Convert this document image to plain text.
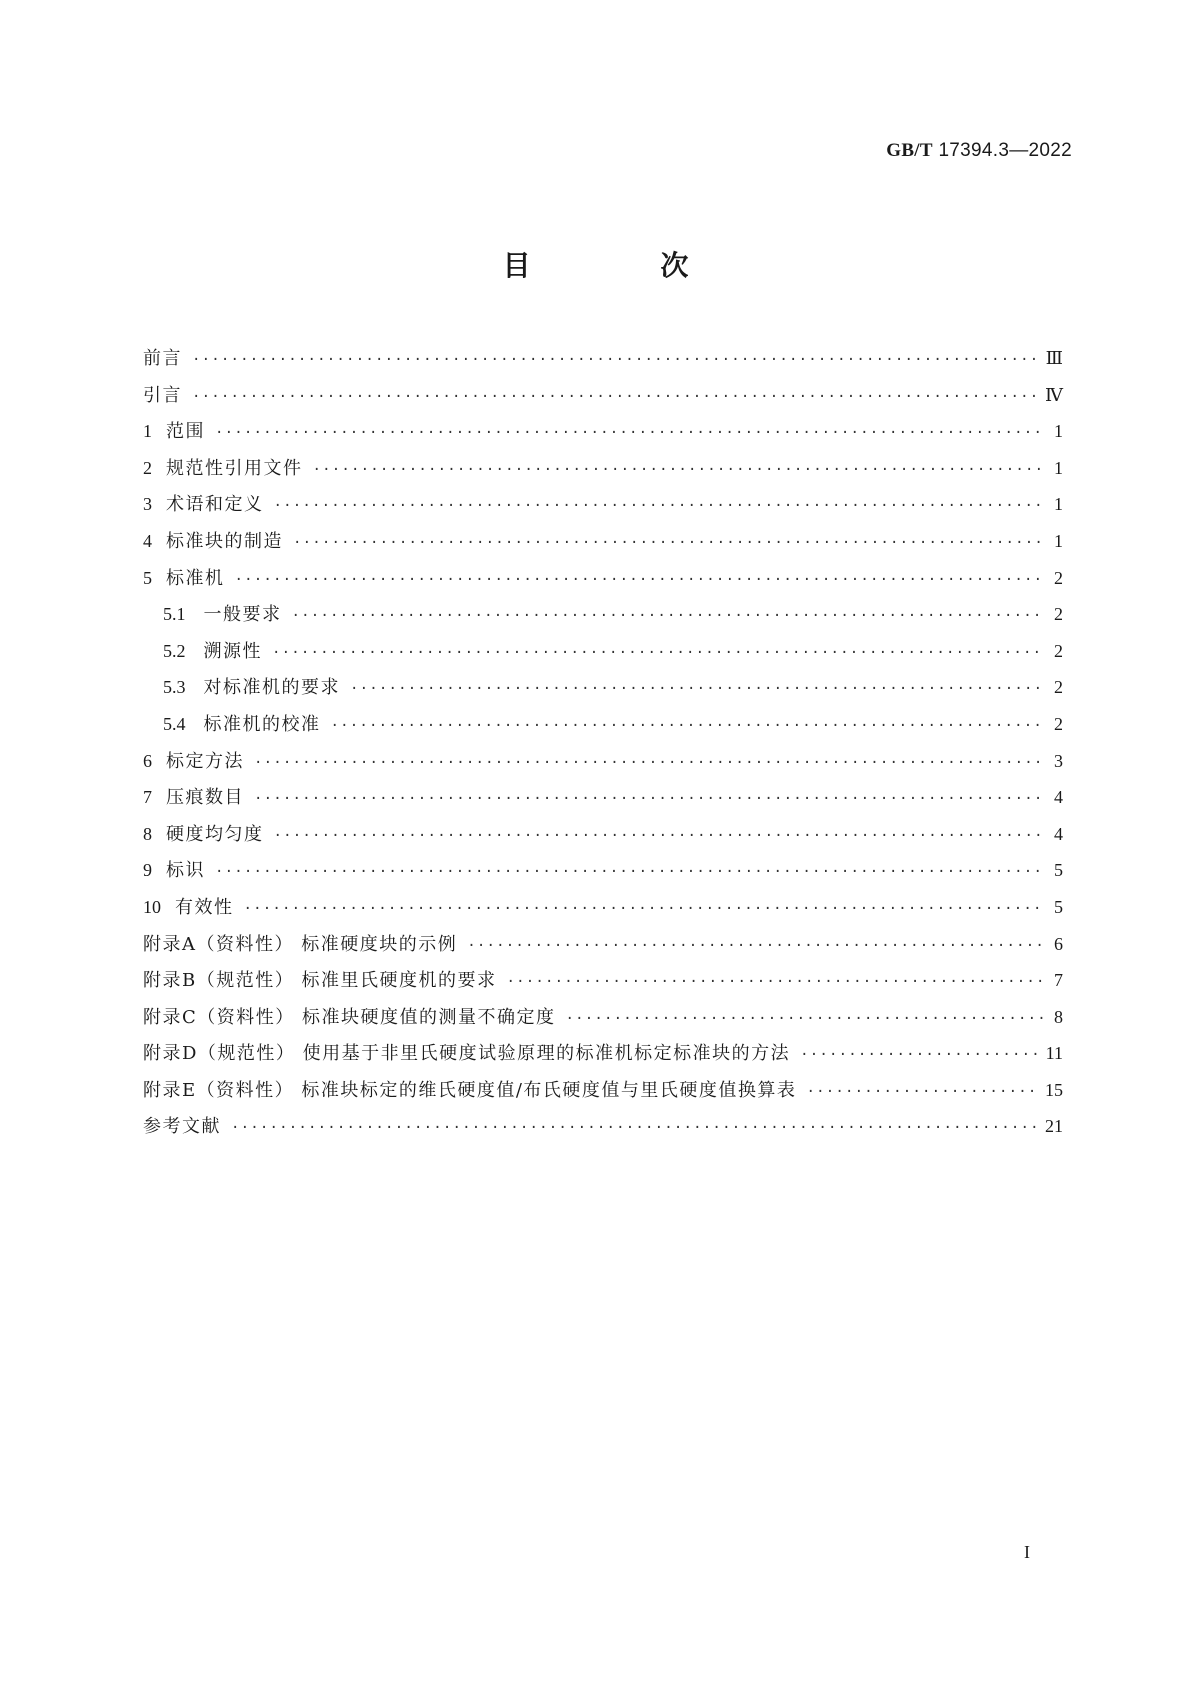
GB/T 17394.3—2022
目 次
前言 ·····	Ⅲ
引言 ·····	Ⅳ
1 范围 ·····	1
2 规范性引用文件 ·····	1
3 术语和定义 ·····	1
4 标准块的制造 ·····	1
5 标准机 ·····	2
5.1 一般要求 ·····	2
5.2 溯源性 ·····	2
5.3 对标准机的要求 ·····	2
5.4 标准机的校准 ·····	2
6 标定方法 ·····	3
7 压痕数目 ·····	4
8 硬度均匀度 ·····	4
9 标识 ·····	5
10 有效性 ·····	5
附录A（资料性） 标准硬度块的示例 ·····	6
附录B（规范性） 标准里氏硬度机的要求 ·····	7
附录C（资料性） 标准块硬度值的测量不确定度 ·····	8
附录D（规范性） 使用基于非里氏硬度试验原理的标准机标定标准块的方法 ·····	11
附录E（资料性） 标准块标定的维氏硬度值/布氏硬度值与里氏硬度值换算表 ·····	15
参考文献 ·····	21
I
